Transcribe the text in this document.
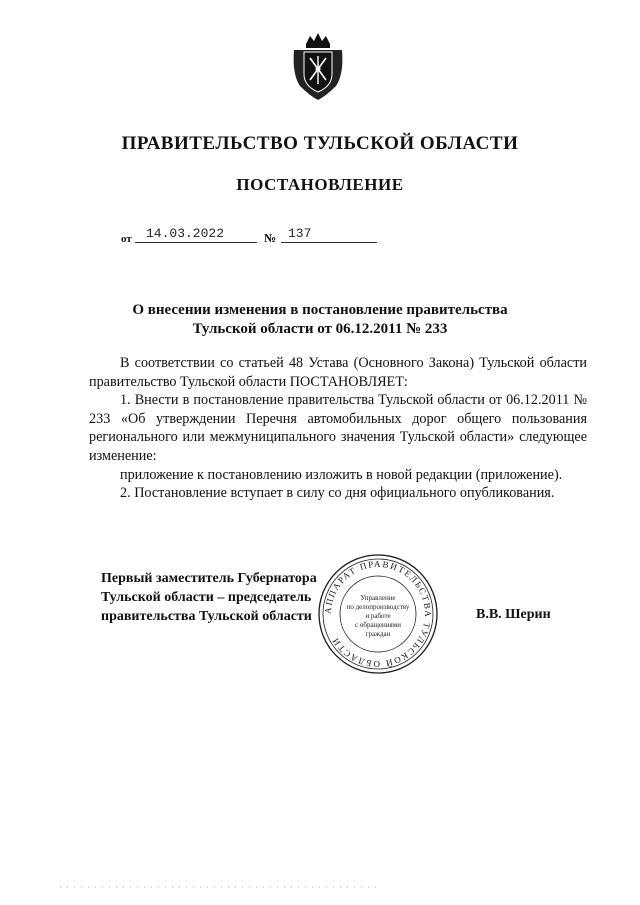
ПРАВИТЕЛЬСТВО ТУЛЬСКОЙ ОБЛАСТИ
ПОСТАНОВЛЕНИЕ
от 14.03.2022	№ 137
О внесении изменения в постановление правительства
Тульской области от 06.12.2011 № 233

В соответствии со статьей 48 Устава (Основного Закона) Тульской области правительство Тульской области ПОСТАНОВЛЯЕТ:

1. Внести в постановление правительства Тульской области от 06.12.2011 № 233 «Об утверждении Перечня автомобильных дорог общего пользования регионального или межмуниципального значения Тульской области» следующее изменение:

приложение к постановлению изложить в новой редакции (приложение).

2. Постановление вступает в силу со дня официального опубликования.

Первый заместитель Губернатора
Тульской области – председатель
правительства Тульской области	В.В. Шерин
АППАРАТ ПРАВИТЕЛЬСТВА ТУЛЬСКОЙ ОБЛАСТИ
Управление
по делопроизводству
и работе
с обращениями
граждан
